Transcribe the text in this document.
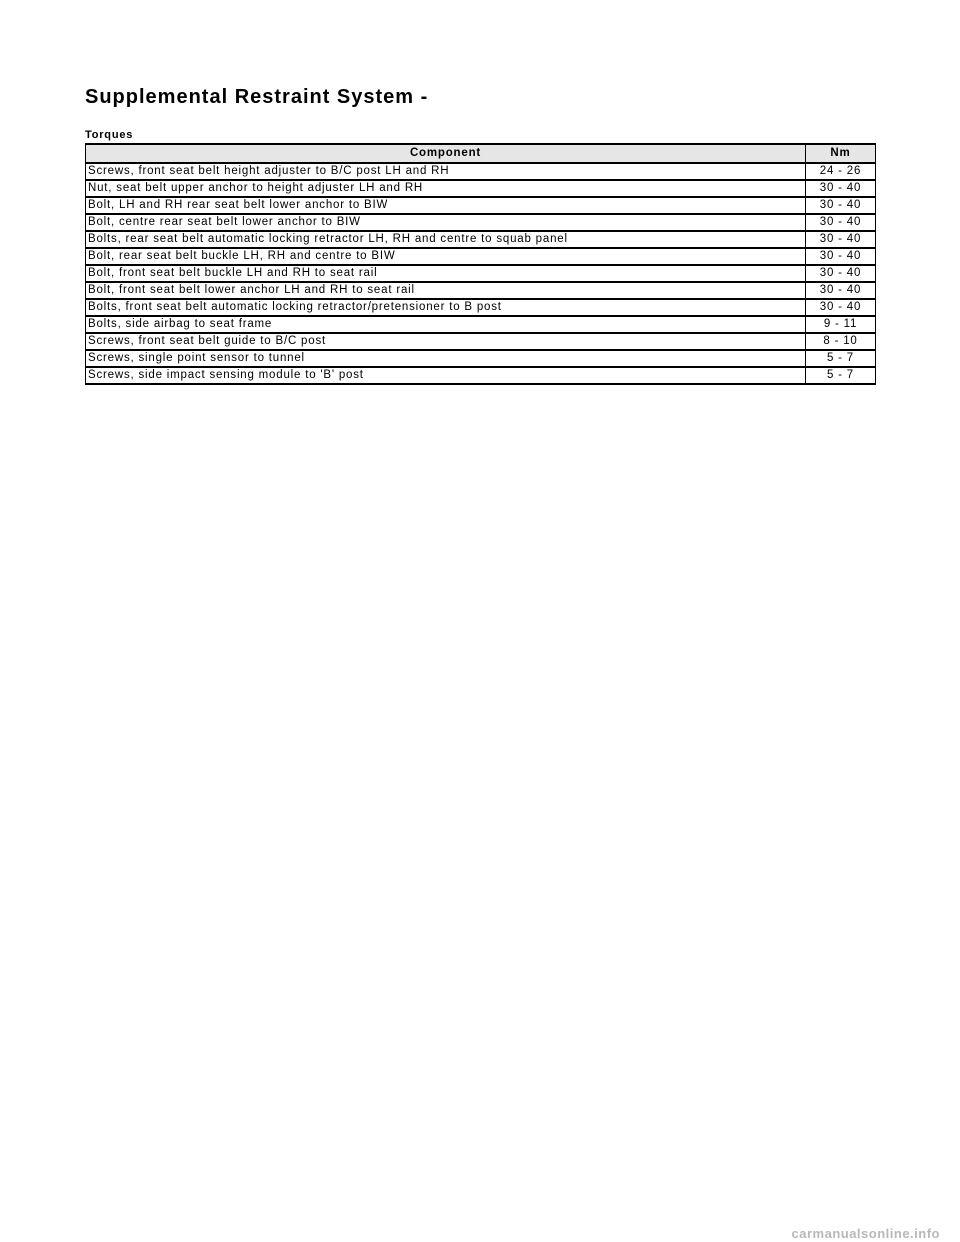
Supplemental Restraint System -
Torques
Component	Nm
Screws, front seat belt height adjuster to B/C post LH and RH	24 - 26
Nut, seat belt upper anchor to height adjuster LH and RH	30 - 40
Bolt, LH and RH rear seat belt lower anchor to BIW	30 - 40
Bolt, centre rear seat belt lower anchor to BIW	30 - 40
Bolts, rear seat belt automatic locking retractor LH, RH and centre to squab panel	30 - 40
Bolt, rear seat belt buckle LH, RH and centre to BIW	30 - 40
Bolt, front seat belt buckle LH and RH to seat rail	30 - 40
Bolt, front seat belt lower anchor LH and RH to seat rail	30 - 40
Bolts, front seat belt automatic locking retractor/pretensioner to B post	30 - 40
Bolts, side airbag to seat frame	9 - 11
Screws, front seat belt guide to B/C post	8 - 10
Screws, single point sensor to tunnel	5 - 7
Screws, side impact sensing module to 'B' post	5 - 7
carmanualsonline.info
